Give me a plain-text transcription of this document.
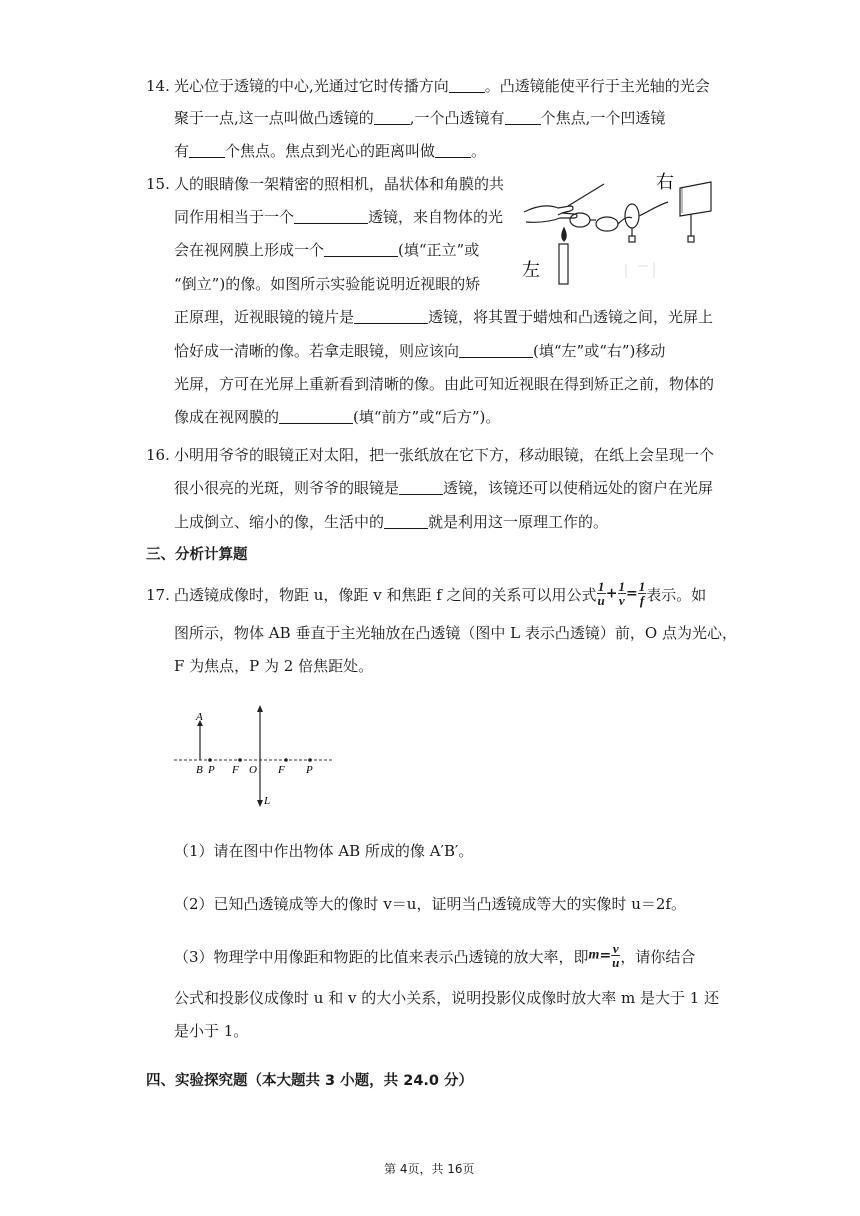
14. 光心位于透镜的中心,光通过它时传播方向 。凸透镜能使平行于主光轴的光会
聚于一点,这一点叫做凸透镜的 ,一个凸透镜有 个焦点,一个凹透镜
有 个焦点。焦点到光心的距离叫做 。
15. 人的眼睛像一架精密的照相机，晶状体和角膜的共
同作用相当于一个	透镜，来自物体的光
会在视网膜上形成一个	(填“正立”或
“倒立”)的像。如图所示实验能说明近视眼的矫
正原理，近视眼镜的镜片是	透镜，将其置于蜡烛和凸透镜之间，光屏上
恰好成一清晰的像。若拿走眼镜，则应该向	(填“左”或“右”)移动
光屏，方可在光屏上重新看到清晰的像。由此可知近视眼在得到矫正之前，物体的
像成在视网膜的	(填“前方”或“后方”)。
右
左
16. 小明用爷爷的眼镜正对太阳，把一张纸放在它下方，移动眼镜，在纸上会呈现一个
很小很亮的光斑，则爷爷的眼镜是	透镜，该镜还可以使稍远处的窗户在光屏
上成倒立、缩小的像，生活中的	就是利用这一原理工作的。
三、分析计算题
17. 凸透镜成像时，物距 u，像距 v 和焦距 f 之间的关系可以用公式 $\frac{1}{u} + \frac{1}{v} = \frac{1}{f}$ 表示。如
图所示，物体 AB 垂直于主光轴放在凸透镜（图中 L 表示凸透镜）前，O 点为光心，
F 为焦点，P 为 2 倍焦距处。
A
B P F O F P
L
（1）请在图中作出物体 AB 所成的像 A′B′。
（2）已知凸透镜成等大的像时 v＝u，证明当凸透镜成等大的实像时 u＝2f。
（3）物理学中用像距和物距的比值来表示凸透镜的放大率，即$m= \frac{v}{u}$ ，请你结合
公式和投影仪成像时 u 和 v 的大小关系，说明投影仪成像时放大率 m 是大于 1 还
是小于 1。
四、实验探究题（本大题共 3 小题，共 24.0 分）
第 4页，共 16页
